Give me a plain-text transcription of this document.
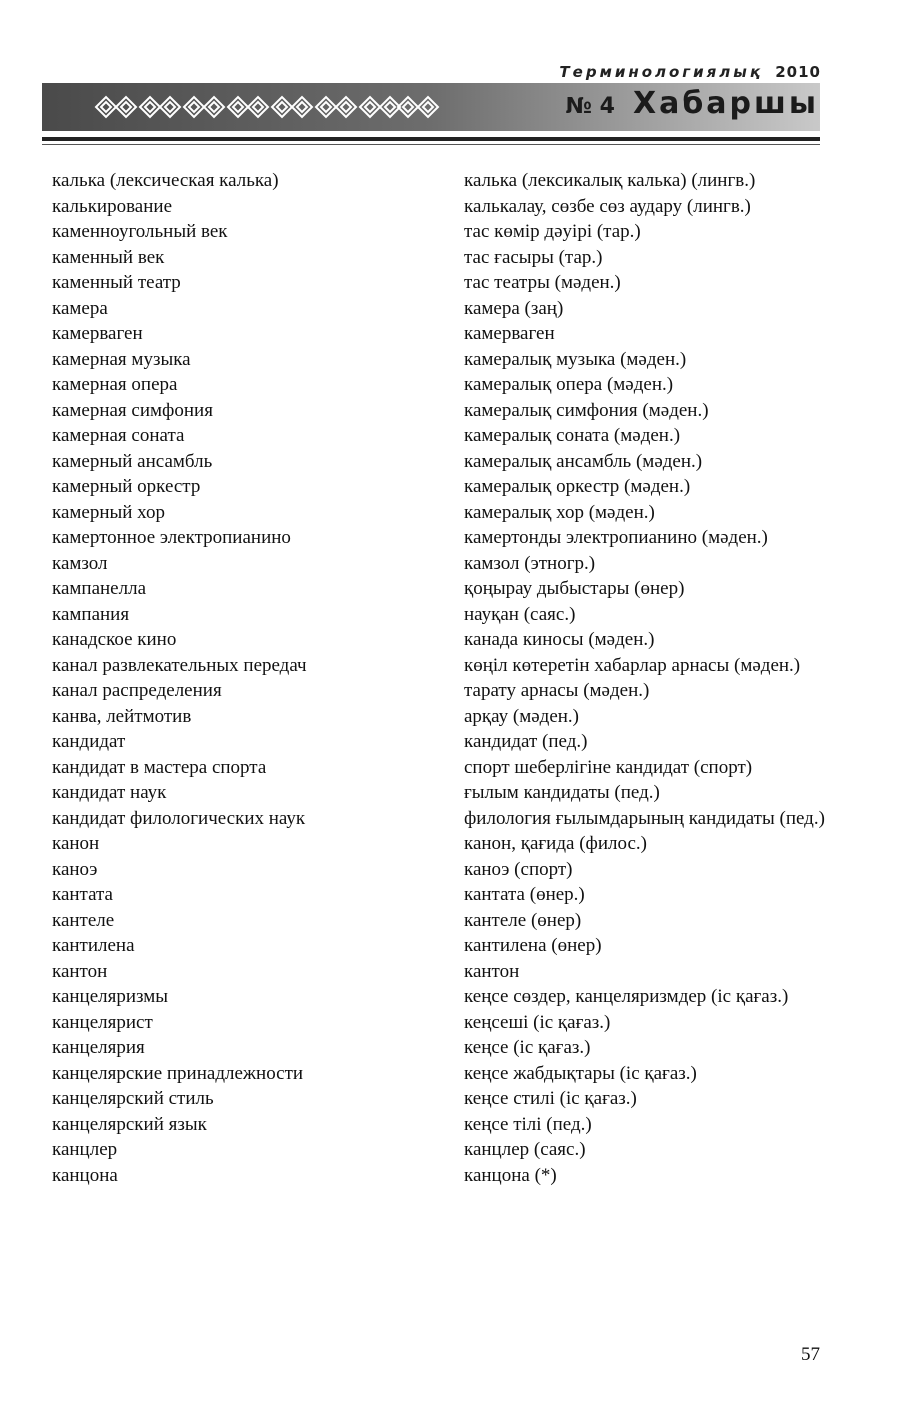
Терминологиялық 2010
№ 4 Хабаршы
калька (лексическая калька)	калька (лексикалық калька) (лингв.)
калькирование	калькалау, сөзбе сөз аудару (лингв.)
каменноугольный век	тас көмір дәуірі (тар.)
каменный век	тас ғасыры (тар.)
каменный театр	тас театры (мәден.)
камера	камера (заң)
камерваген	камерваген
камерная музыка	камералық музыка (мәден.)
камерная опера	камералық опера (мәден.)
камерная симфония	камералық симфония (мәден.)
камерная соната	камералық соната (мәден.)
камерный ансамбль	камералық ансамбль (мәден.)
камерный оркестр	камералық оркестр (мәден.)
камерный хор	камералық хор (мәден.)
камертонное электропианино	камертонды электропианино (мәден.)
камзол	камзол (этногр.)
кампанелла	қоңырау дыбыстары (өнер)
кампания	науқан (саяс.)
канадское кино	канада киносы (мәден.)
канал развлекательных передач	көңіл көтеретін хабарлар арнасы (мәден.)
канал распределения	тарату арнасы (мәден.)
канва, лейтмотив	арқау (мәден.)
кандидат	кандидат (пед.)
кандидат в мастера спорта	спорт шеберлігіне кандидат (спорт)
кандидат наук	ғылым кандидаты (пед.)
кандидат филологических наук	филология ғылымдарының кандидаты (пед.)
канон	канон, қағида (филос.)
каноэ	каноэ (спорт)
кантата	кантата (өнер.)
кантеле	кантеле (өнер)
кантилена	кантилена (өнер)
кантон	кантон
канцеляризмы	кеңсе сөздер, канцеляризмдер (іс қағаз.)
канцелярист	кеңсеші (іс қағаз.)
канцелярия	кеңсе (іс қағаз.)
канцелярские принадлежности	кеңсе жабдықтары (іс қағаз.)
канцелярский стиль	кеңсе стилі (іс қағаз.)
канцелярский язык	кеңсе тілі (пед.)
канцлер	канцлер (саяс.)
канцона	канцона (*)
57
